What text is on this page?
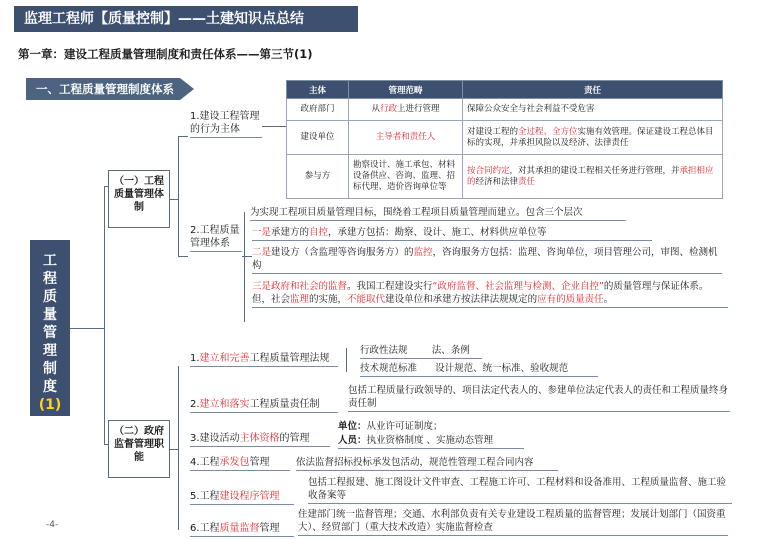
监理工程师【质量控制】——土建知识点总结
第一章：建设工程质量管理制度和责任体系——第三节(1)
一、工程质量管理制度体系
工程质量管理制度
(1)
（一）工程质量管理体制
（二）政府监督管理职能
1.建设工程管理的行为主体
2.工程质量管理体系
主体	管理范畴	责任
政府部门	从行政上进行管理	保障公众安全与社会利益不受危害
建设单位	主导者和责任人	对建设工程的全过程、全方位实施有效管理。保证建设工程总体目标的实现，并承担风险以及经济、法律责任
参与方	勘察设计、施工承包、材料设备供应、咨询、监理、招标代理、造价咨询单位等	按合同约定，对其承担的建设工程相关任务进行管理，并承担相应的经济和法律责任
为实现工程项目质量管理目标，围绕着工程项目质量管理而建立。包含三个层次
一是承建方的自控，承建方包括：勘察、设计、施工、材料供应单位等
二是建设方（含监理等咨询服务方）的监控，咨询服务方包括：监理、咨询单位，项目管理公司，审图、检测机构
三是政府和社会的监督。我国工程建设实行“政府监督、社会监理与检测、企业自控”的质量管理与保证体系。
但，社会监理的实施，不能取代建设单位和承建方按法律法规规定的应有的质量责任。
1.建立和完善工程质量管理法规
行政性法规	法、条例
技术规范标准 设计规范、统一标准、验收规范
2.建立和落实工程质量责任制
包括工程质量行政领导的、项目法定代表人的、参建单位法定代表人的责任和工程质量终身责任制
3.建设活动主体资格的管理
单位：从业许可证制度；
人员：执业资格制度 、实施动态管理
4.工程承发包管理	依法监督招标投标承发包活动，规范性管理工程合同内容
5.工程建设程序管理
包括工程报建、施工图设计文件审查、工程施工许可、工程材料和设备准用、工程质量监督、施工验收备案等
6.工程质量监督管理
住建部门统一监督管理；交通、水利部负责有关专业建设工程质量的监督管理；发展计划部门（国资重大）、经贸部门（重大技术改造）实施监督检查
-4-
